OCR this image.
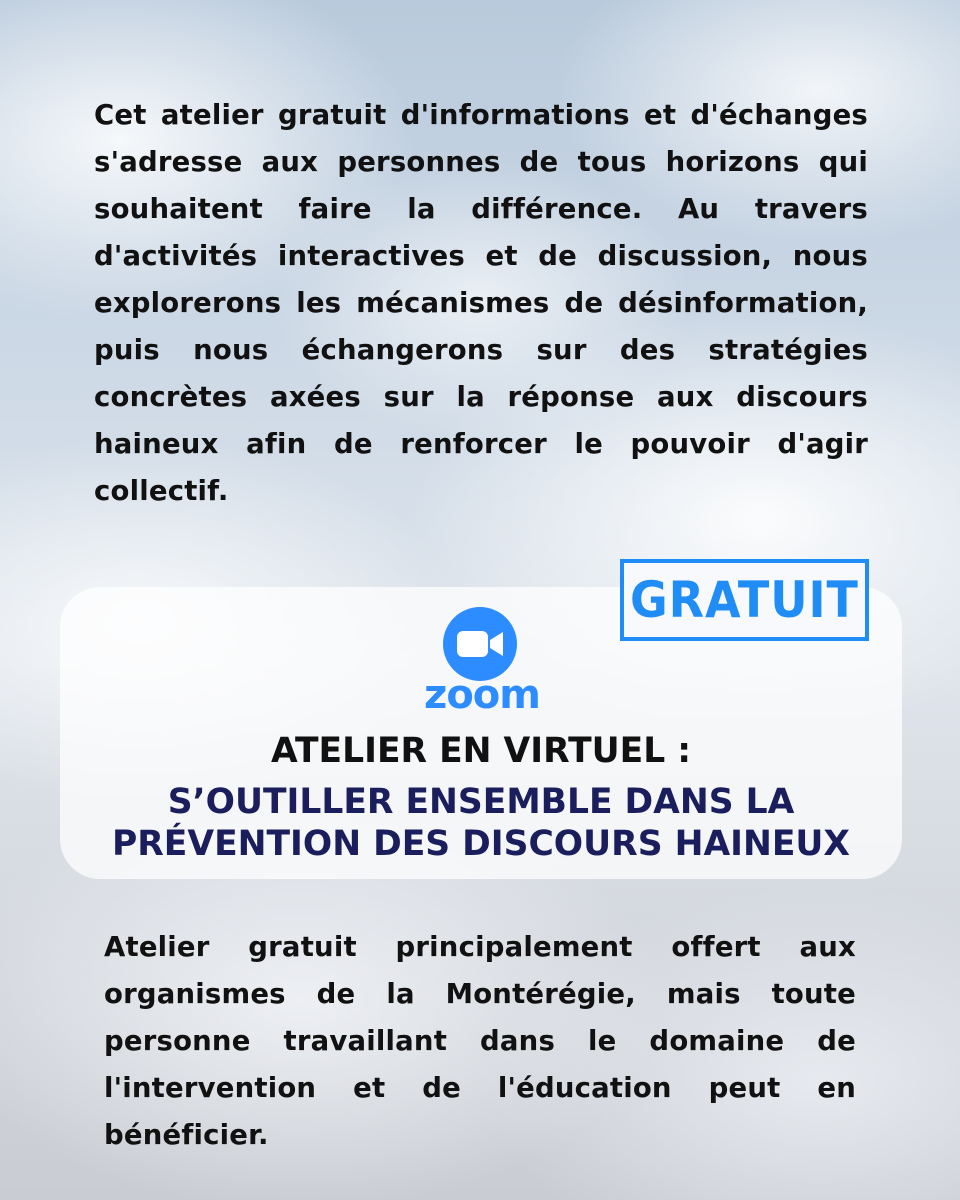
Cet atelier gratuit d'informations et d'échanges s'adresse aux personnes de tous horizons qui souhaitent faire la différence. Au travers d'activités interactives et de discussion, nous explorerons les mécanismes de désinformation, puis nous échangerons sur des stratégies concrètes axées sur la réponse aux discours haineux afin de renforcer le pouvoir d'agir collectif.

GRATUIT
zoom
ATELIER EN VIRTUEL :
S’OUTILLER ENSEMBLE DANS LA
PRÉVENTION DES DISCOURS HAINEUX

Atelier gratuit principalement offert aux organismes de la Montérégie, mais toute personne travaillant dans le domaine de l'intervention et de l'éducation peut en bénéficier.
